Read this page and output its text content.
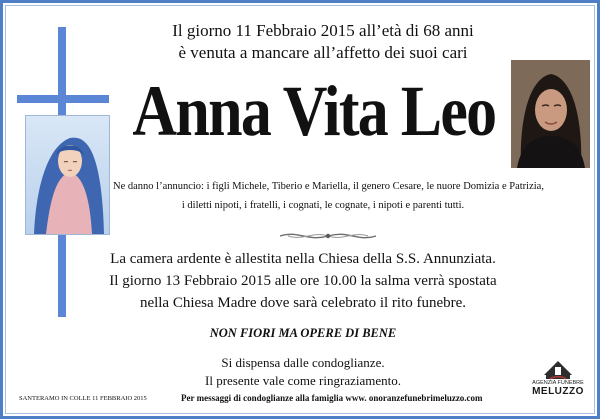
Il giorno 11 Febbraio 2015 all’età di 68 anni
è venuta a mancare all’affetto dei suoi cari
Anna Vita Leo
Ne danno l’annuncio: i figli Michele, Tiberio e Mariella, il genero Cesare, le nuore Domizia e Patrizia,
i diletti nipoti, i fratelli, i cognati, le cognate, i nipoti e parenti tutti.
La camera ardente è allestita nella Chiesa della S.S. Annunziata.
Il giorno 13 Febbraio 2015 alle ore 10.00 la salma verrà spostata
nella Chiesa Madre dove sarà celebrato il rito funebre.
NON FIORI MA OPERE DI BENE
Si dispensa dalle condoglianze.
Il presente vale come ringraziamento.
SANTERAMO IN COLLE 11 FEBBRAIO 2015	Per messaggi di condoglianze alla famiglia www. onoranzefunebrimeluzzo.com
AGENZIA FUNEBRE
MELUZZO
